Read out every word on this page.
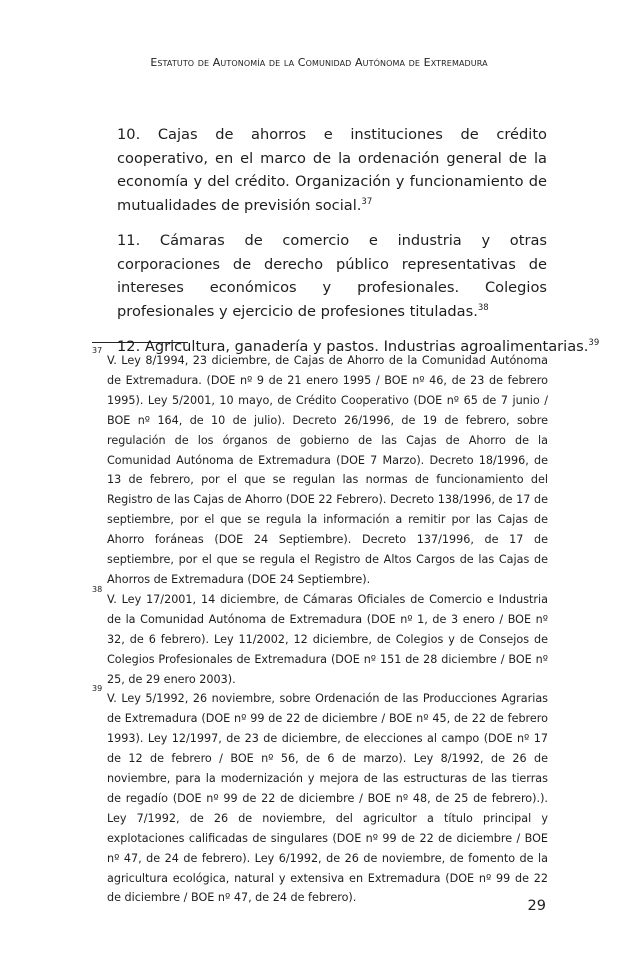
Estatuto de Autonomía de la Comunidad Autónoma de Extremadura

10. Cajas de ahorros e instituciones de crédito cooperativo, en el marco de la ordenación general de la economía y del crédito. Organización y funcionamiento de mutualidades de previsión social.$^{37}$

11. Cámaras de comercio e industria y otras corporaciones de derecho público representativas de intereses económicos y profesionales. Colegios profesionales y ejercicio de profesiones tituladas.$^{38}$

12. Agricultura, ganadería y pastos. Industrias agroalimentarias.$^{39}$

37
V. Ley 8/1994, 23 diciembre, de Cajas de Ahorro de la Comunidad Autónoma de Extremadura. (DOE nº 9 de 21 enero 1995 / BOE nº 46, de 23 de febrero 1995). Ley 5/2001, 10 mayo, de Crédito Cooperativo (DOE nº 65 de 7 junio / BOE nº 164, de 10 de julio). Decreto 26/1996, de 19 de febrero, sobre regulación de los órganos de gobierno de las Cajas de Ahorro de la Comunidad Autónoma de Extremadura (DOE 7 Marzo). Decreto 18/1996, de 13 de febrero, por el que se regulan las normas de funcionamiento del Registro de las Cajas de Ahorro (DOE 22 Febrero). Decreto 138/1996, de 17 de septiembre, por el que se regula la información a remitir por las Cajas de Ahorro foráneas (DOE 24 Septiembre). Decreto 137/1996, de 17 de septiembre, por el que se regula el Registro de Altos Cargos de las Cajas de Ahorros de Extremadura (DOE 24 Septiembre).
38
V. Ley 17/2001, 14 diciembre, de Cámaras Oficiales de Comercio e Industria de la Comunidad Autónoma de Extremadura (DOE nº 1, de 3 enero / BOE nº 32, de 6 febrero). Ley 11/2002, 12 diciembre, de Colegios y de Consejos de Colegios Profesionales de Extremadura (DOE nº 151 de 28 diciembre / BOE nº 25, de 29 enero 2003).
39
V. Ley 5/1992, 26 noviembre, sobre Ordenación de las Producciones Agrarias de Extremadura (DOE nº 99 de 22 de diciembre / BOE nº 45, de 22 de febrero 1993). Ley 12/1997, de 23 de diciembre, de elecciones al campo (DOE nº 17 de 12 de febrero / BOE nº 56, de 6 de marzo). Ley 8/1992, de 26 de noviembre, para la modernización y mejora de las estructuras de las tierras de regadío (DOE nº 99 de 22 de diciembre / BOE nº 48, de 25 de febrero).). Ley 7/1992, de 26 de noviembre, del agricultor a título principal y explotaciones calificadas de singulares (DOE nº 99 de 22 de diciembre / BOE nº 47, de 24 de febrero). Ley 6/1992, de 26 de noviembre, de fomento de la agricultura ecológica, natural y extensiva en Extremadura (DOE nº 99 de 22 de diciembre / BOE nº 47, de 24 de febrero).
29
